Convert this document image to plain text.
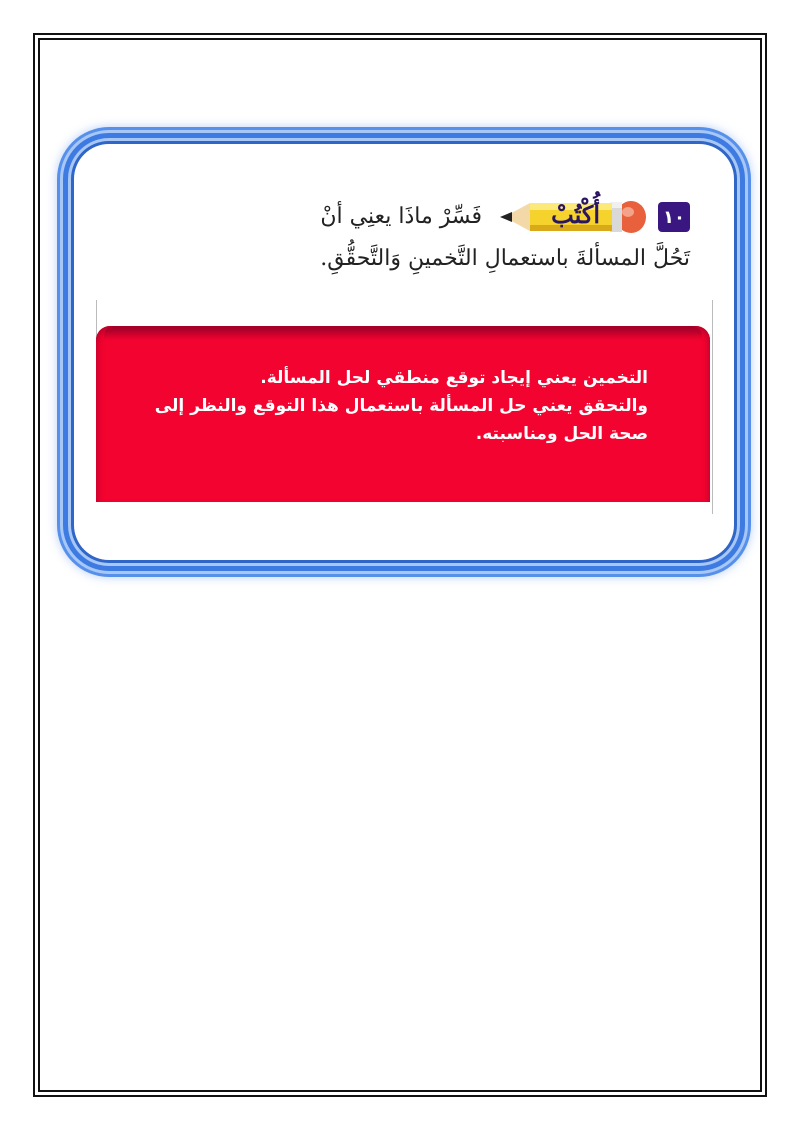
١٠
أُكْتُبْ
فَسِّرْ ماذَا يعنِي أنْ
تَحُلَّ المسألةَ باستعمالِ التَّخمينِ وَالتَّحقُّقِ.
التخمين يعني إيجاد توقع منطقي لحل المسألة.
والتحقق يعني حل المسألة باستعمال هذا التوقع والنظر إلى
صحة الحل ومناسبته.
